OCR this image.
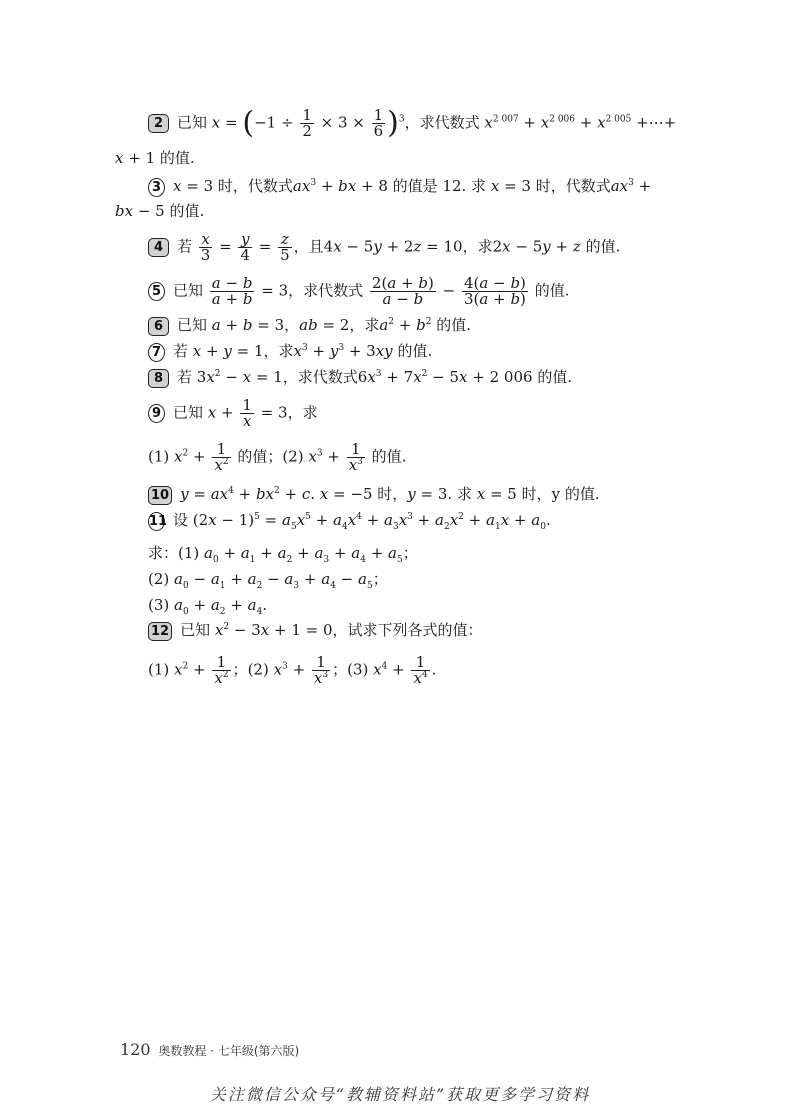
2 已知 $x = (-1 \div \frac{1}{2} \times 3 \times \frac{1}{6} )^3$，求代数式 $x^{2 007} + x^{2 006} + x^{2 005}$ +⋯+
x + 1 的值.
3 x = 3 时，代数式$ax^3$ + bx + 8 的值是 12. 求 x = 3 时，代数式$ax^3$ +
bx − 5 的值.
4 若 $\frac{x}{3} = \frac{y}{4} = \frac{z}{5}$ ，且4x − 5y + 2z = 10，求2x − 5y + z 的值.
5 已知 $\frac{a - b}{a + b} = 3$，求代数式 $\frac{2(a + b)}{a - b} - \frac{4(a - b)}{3(a + b)}$ 的值.
6 已知 a + b = 3，ab = 2，求$a^2 + b^2$ 的值.
7 若 x + y = 1，求$x^3 + y^3 + 3xy$ 的值.
8 若 $3x^2 - x = 1$，求代数式$6x^3 + 7x^2 - 5x + 2$ 006 的值.
9 已知 $x + \frac{1}{x} = 3$，求
(1) $x^2 + \frac{1}{x^2}$ 的值；(2) $x^3 + \frac{1}{x^3}$ 的值.
10 $y = ax^4 + bx^2 + c$. x = −5 时，y = 3. 求 x = 5 时，y 的值.
11 设 $(2x - 1)^5 = a_5x^5 + a_4x^4 + a_3x^3 + a_2x^2 + a_1x + a_0$.
求：(1) $a_0 + a_1 + a_2 + a_3 + a_4 + a_5$；
(2) $a_0 - a_1 + a_2 - a_3 + a_4 - a_5$；
(3) $a_0 + a_2 + a_4$.
12 已知 $x^2 - 3x + 1 = 0$，试求下列各式的值：
(1) $x^2 + \frac{1}{x^2}$ ；(2) $x^3 + \frac{1}{x^3}$ ；(3) $x^4 + \frac{1}{x^4}$ .
120 奥数教程 · 七年级(第六版)
关注微信公众号“教辅资料站”获取更多学习资料
